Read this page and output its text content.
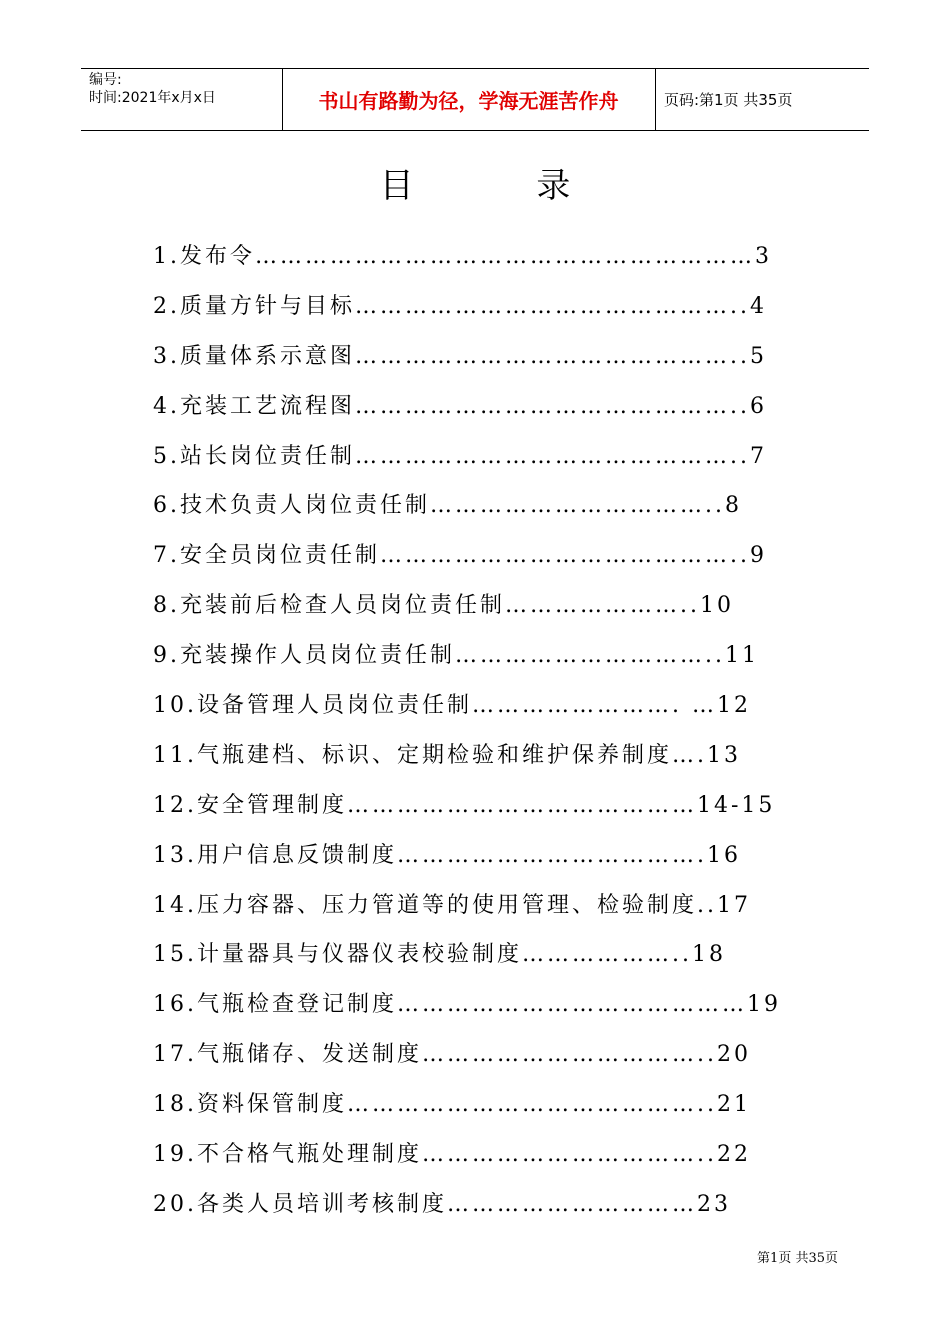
编号:
时间:2021年x月x日	书山有路勤为径，学海无涯苦作舟	页码:第1页 共35页
目 录
1.发布令……………………………………………………3
2.质量方针与目标………………………………………..4
3.质量体系示意图………………………………………..5
4.充装工艺流程图………………………………………..6
5.站长岗位责任制………………………………………..7
6.技术负责人岗位责任制……………………………..8
7.安全员岗位责任制……………………………………..9
8.充装前后检查人员岗位责任制…………………..10
9.充装操作人员岗位责任制…………………………..11
10.设备管理人员岗位责任制……………………. …12
11.气瓶建档、标识、定期检验和维护保养制度….13
12.安全管理制度……………………………………14-15
13.用户信息反馈制度……………………………….16
14.压力容器、压力管道等的使用管理、检验制度..17
15.计量器具与仪器仪表校验制度………………..18
16.气瓶检查登记制度……………………………………19
17.气瓶储存、发送制度……………………………..20
18.资料保管制度……………………………………..21
19.不合格气瓶处理制度……………………………..22
20.各类人员培训考核制度…………………………23
第1页 共35页
